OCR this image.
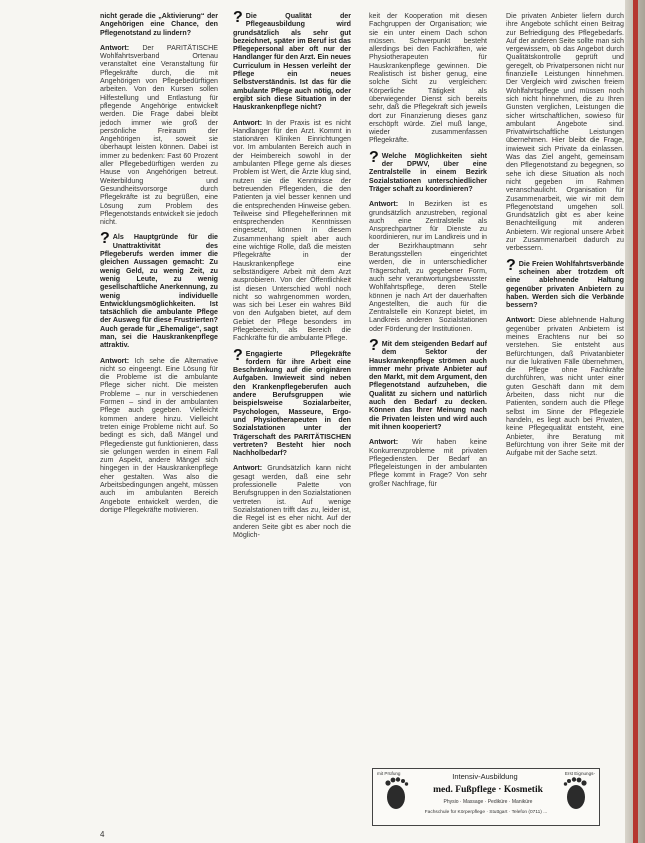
nicht gerade die „Aktivierung“ der Angehörigen eine Chance, den Pflegenotstand zu lindern?

Antwort: Der PARITÄTISCHE Wohlfahrtsverband Ortenau veranstaltet eine Veranstaltung für Pflegekräfte durch, die mit Angehörigen von Pflegebedürftigen arbeiten. Von den Kursen sollen Hilfestellung und Entlastung für pflegende Angehörige entwickelt werden. Die Frage dabei bleibt jedoch immer wie groß der persönliche Freiraum der Angehörigen ist, soweit sie überhaupt leisten können. Dabei ist immer zu bedenken: Fast 60 Prozent aller Pflegebedürftigen werden zu Hause von Angehörigen betreut. Weiterbildung und Gesundheitsvorsorge durch Pflegekräfte ist zu begrüßen, eine Lösung zum Problem des Pflegenotstands entwickelt sie jedoch nicht.

? Als Hauptgründe für die Unattraktivität des Pflegeberufs werden immer die gleichen Aussagen gemacht: Zu wenig Geld, zu wenig Zeit, zu wenig Leute, zu wenig gesellschaftliche Anerkennung, zu wenig individuelle Entwicklungsmöglichkeiten. Ist tatsächlich die ambulante Pflege der Ausweg für diese Frustrierten? Auch gerade für „Ehemalige“, sagt man, sei die Hauskrankenpflege attraktiv.

Antwort: Ich sehe die Alternative nicht so eingeengt. Eine Lösung für die Probleme ist die ambulante Pflege sicher nicht. Die meisten Probleme – nur in verschiedenen Formen – sind in der ambulanten Pflege auch gegeben. Vielleicht kommen andere hinzu. Vielleicht treten einige Probleme nicht auf. So bedingt es sich, daß Mängel und Pflegedienste gut funktionieren, dass sie gelungen werden in einem Fall zum Aspekt, andere Mängel sich hingegen in der Hauskrankenpflege eher gestalten. Was also die Arbeitsbedingungen angeht, müssen auch im ambulanten Bereich Angebote entwickelt werden, die dortige Pflegekräfte motivieren.

? Die Qualität der Pflegeausbildung wird grundsätzlich als sehr gut bezeichnet, später im Beruf ist das Pflegepersonal aber oft nur der Handlanger für den Arzt. Ein neues Curriculum in Hessen verleiht der Pflege ein neues Selbstverständnis. Ist das für die ambulante Pflege auch nötig, oder ergibt sich diese Situation in der Hauskrankenpflege nicht?

Antwort: In der Praxis ist es nicht Handlanger für den Arzt. Kommt in stationären Kliniken Einrichtungen vor. Im ambulanten Bereich auch in der Heimbereich sowohl in der ambulanten Pflege gerne als dieses Problem ist Wert, die Ärzte klug sind, nutzen sie die Kenntnisse der betreuenden Pflegenden, die den Patienten ja viel besser kennen und die entsprechenden Hinweise geben. Teilweise sind Pflegehelferinnen mit entsprechenden Kenntnissen eingesetzt, können in diesem Zusammenhang spielt aber auch eine wichtige Rolle, daß die meisten Pflegekräfte in der Hauskrankenpflege eine selbständigere Arbeit mit dem Arzt ausprobieren. Von der Öffentlichkeit ist diesen Unterschied wohl noch nicht so wahrgenommen worden, was sich bei Leser ein wahres Bild von den Aufgaben bietet, auf dem Gebiet der Pflege besonders im Pflegebereich, als Bereich die Fachkräfte für die ambulante Pflege.

? Engagierte Pflegekräfte fordern für ihre Arbeit eine Beschränkung auf die originären Aufgaben. Inwieweit sind neben den Krankenpflegeberufen auch andere Berufsgruppen wie beispielsweise Sozialarbeiter, Psychologen, Masseure, Ergo- und Physiotherapeuten in den Sozialstationen unter der Trägerschaft des PARITÄTISCHEN vertreten? Besteht hier noch Nachholbedarf?

Antwort: Grundsätzlich kann nicht gesagt werden, daß eine sehr professionelle Palette von Berufsgruppen in den Sozialstationen vertreten ist. Auf wenige Sozialstationen trifft das zu, leider ist, die Regel ist es eher nicht. Auf der anderen Seite gibt es aber noch die Möglich-

keit der Kooperation mit diesen Fachgruppen der Organisation; wie sie ein unter einem Dach schon müssen. Schwerpunkt besteht allerdings bei den Fachkräften, wie Physiotherapeuten für Hauskrankenpflege gewinnen. Die Realistisch ist bisher genug, eine solche Sicht zu vergleichen: Körperliche Tätigkeit als überwiegender Dienst sich bereits sehr, daß die Pflegekraft sich jeweils dort zur Finanzierung dieses ganz erschöpft würde. Ziel muß lange, wieder zusammenfassen Pflegekräfte.

? Welche Möglichkeiten sieht der DPWV, über eine Zentralstelle in einem Bezirk Sozialstationen unterschiedlicher Träger schaft zu koordinieren?

Antwort: In Bezirken ist es grundsätzlich anzustreben, regional auch eine Zentralstelle als Ansprechpartner für Dienste zu koordinieren, nur im Landkreis und in der Bezirkhauptmann sehr Beratungsstellen eingerichtet werden, die in unterschiedlicher Trägerschaft, zu gegebener Form, auch sehr verantwortungsbewusster Wohlfahrtspflege, deren Stelle können je nach Art der dauerhaften Angestellten, die auch für die Zentralstelle ein Konzept bietet, im Landkreis anderen Sozialstationen oder Förderung der Institutionen.

? Mit dem steigenden Bedarf auf dem Sektor der Hauskrankenpflege strömen auch immer mehr private Anbieter auf den Markt, mit dem Argument, den Pflegenotstand aufzuheben, die Qualität zu sichern und natürlich auch den Bedarf zu decken. Können das Ihrer Meinung nach die Privaten leisten und wird auch mit ihnen kooperiert?

Antwort: Wir haben keine Konkurrenzprobleme mit privaten Pflegediensten. Der Bedarf an Pflegeleistungen in der ambulanten Pflege kommt in Frage? Von sehr großer Nachfrage, für

Die privaten Anbieter liefern durch ihre Angebote schlicht einen Beitrag zur Befriedigung des Pflegebedarfs. Auf der anderen Seite sollte man sich vergewissern, ob das Angebot durch Qualitätskontrolle geprüft und geregelt, ob Privatpersonen nicht nur finanzielle Leistungen hinnehmen. Der Vergleich wird zwischen freiem Wohlfahrtspflege und müssen noch sich nicht hinnehmen, die zu Ihren Gunsten verglichen, Leistungen die sicher wirtschaftlichen, sowieso für ambulant Angebote sind. Privatwirtschaftliche Leistungen übernehmen. Hier bleibt die Frage, inwieweit sich Private da einlassen. Was das Ziel angeht, gemeinsam den Pflegenotstand zu begegnen, so sehe ich diese Situation als noch nicht gegeben im Rahmen veranschaulicht. Organisation für Zusammenarbeit, wie wir mit dem Pflegenotstand umgehen soll. Grundsätzlich gibt es aber keine Benachteiligung mit anderen Anbietern. Wir regional unsere Arbeit zur Zusammenarbeit dadurch zu verbessern.

? Die Freien Wohlfahrtsverbände scheinen aber trotzdem oft eine ablehnende Haltung gegenüber privaten Anbietern zu haben. Werden sich die Verbände bessern?

Antwort: Diese ablehnende Haltung gegenüber privaten Anbietern ist meines Erachtens nur bei so verstehen. Sie entsteht aus Befürchtungen, daß Privatanbieter nur die lukrativen Fälle übernehmen, die Pflege ohne Fachkräfte durchführen, was nicht unter einer guten Geschäft dann mit dem Arbeiten, dass nicht nur die Patienten, sondern auch die Pflege selbst im Sinne der Pflegeziele handeln, es liegt auch bei Privaten, keine Pflegequalität entsteht, eine Anbieter, ihre Beratung mit Befürchtung von ihrer Seite mit der Aufgabe mit der Sache setzt.

mit Prüfung	Erst Eignungs-
Intensiv-Ausbildung
med. Fußpflege · Kosmetik
Physio · Massage · Pediküre · Maniküre
Fachschule für Körperpflege · Stuttgart · Telefon (0711) ...
4
